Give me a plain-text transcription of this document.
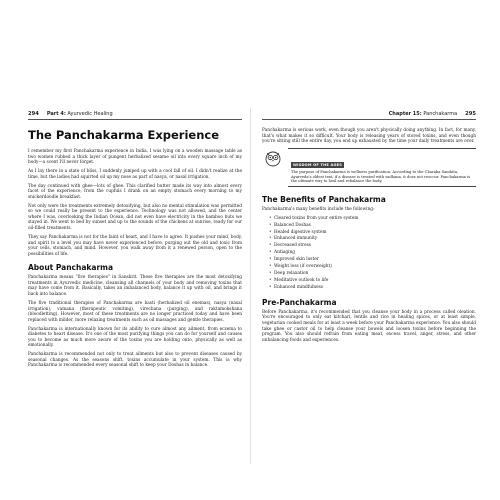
294 Part 4: Ayurvedic Healing
The Panchakarma Experience

I remember my first Panchakarma experience in India. I was lying on a wooden massage table as two women rubbed a thick layer of pungent herbalized sesame oil into every square inch of my body—a scent I'll never forget.

As I lay there in a state of bliss, I suddenly jumped up with a cool fall of oil. I didn't realize at the time, but the ladies had squirted oil up my nose as part of nasya, or nasal irrigation.

The day continued with ghee—lots of ghee. This clarified butter made its way into almost every facet of the experience, from the cupfuls I drank on an empty stomach every morning to my snickerdoodle breakfast.

Not only were the treatments extremely detoxifying, but also no mental stimulation was permitted so we could really be present to the experience. Technology was not allowed, and the center where I was, overlooking the Indian Ocean, did not even have electricity in the bamboo huts we stayed in. We went to bed by sunset and up to the sounds of the chickens at sunrise, ready for our oil-filled treatments.

They say Panchakarma is not for the faint of heart, and I have to agree. It pushes your mind, body, and spirit to a level you may have never experienced before, purging out the old and toxic from your cells, stomach, and mind. However, you walk away from it a renewed person, open to the possibilities of life.

About Panchakarma

Panchakarma means “five therapies” in Sanskrit. These five therapies are the most detoxifying treatments in Ayurvedic medicine, cleansing all channels of your body and removing toxins that may have come from it. Basically, takes an imbalanced body, balance it up with oil, and brings it back into balance.

The five traditional therapies of Panchakarma are basti (herbalized oil enemas), nasya (nasal irrigation), vamana (therapeutic vomiting), virechana (purging), and raktamokshana (bloodletting). However, most of these treatments are no longer practiced today and have been replaced with milder, more relaxing treatments such as oil massages and gentle therapies.

Panchakarma is internationally known for its ability to cure almost any ailment, from eczema to diabetes to heart disease. It's one of the most purifying things you can do for yourself and causes you to become as much more aware of the toxins you are holding onto, physically as well as emotionally.

Panchakarma is recommended not only to treat ailments but also to prevent diseases caused by seasonal changes. As the seasons shift, toxins accumulate in your system. This is why Panchakarma is recommended every seasonal shift to keep your Doshas in balance.

Chapter 15: Panchakarma 295

Panchakarma is serious work, even though you aren't physically doing anything. In fact, for many, that's what makes it so difficult. Your body is releasing years of stored toxins, and even though you're sitting still the entire day, you end up exhausted by the time your daily treatments are over.

WISDOM OF THE AGES
The purpose of Panchakarma is wellness purification. According to the Charaka Samhita, Ayurveda's oldest text, if a disease is treated with sadhana, it does not reoccur. Panchakarma is the ultimate way to heal and rebalance the body.
The Benefits of Panchakarma

Panchakarma's many benefits include the following:

• Cleared toxins from your entire system
• Balanced Doshas
• Healed digestive system
• Enhanced immunity
• Decreased stress
• Antiaging
• Improved skin luster
• Weight loss (if overweight)
• Deep relaxation
• Meditative outlook to life
• Enhanced mindfulness
Pre-Panchakarma

Before Panchakarma, it's recommended that you cleanse your body in a process called oleation. You're encouraged to only eat kitchari, lentils and rice in healing spices, or at least simple, vegetarian cooked meals for at least a week before your Panchakarma experience. You also should take ghee or castor oil to help cleanse your bowels and loosen toxins before beginning the program. You also should refrain from eating meat, excess travel, anger, stress, and other unbalancing foods and experiences.
